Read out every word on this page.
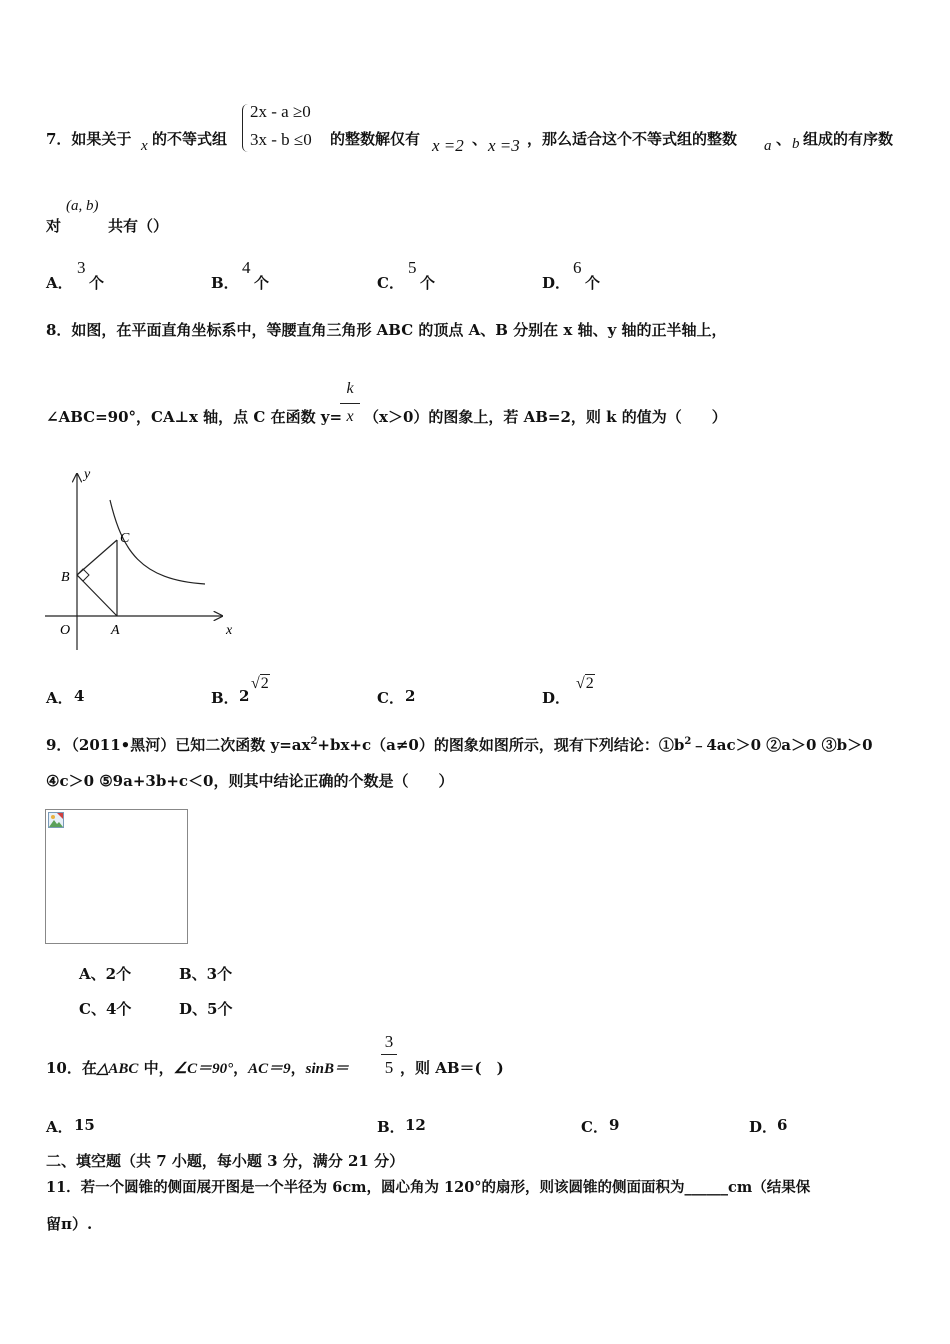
7．如果关于 x 的不等式组
2x - a ≥0
3x - b ≤0 的整数解仅有 x =2 、 x =3 ，那么适合这个不等式组的整数 a 、 b 组成的有序数
对
(a, b)
共有（）
A．
3
个	B．
4
个	C．
5
个	D．
6
个
8．如图，在平面直角坐标系中，等腰直角三角形 ABC 的顶点 A、B 分别在 x 轴、y 轴的正半轴上，
∠ABC=90°，CA⊥x 轴，点 C 在函数 y=
k
x （x＞0）的图象上，若 AB=2，则 k 的值为（　　）
y
x
O	A
B
C
A． 4	B． 2
√2
C． 2	D．
√2
9．（2011•黑河）已知二次函数 $y=ax^2+bx+c(a\ne 0)$的图象如图所示，现有下列结论：$①b^2﹣4ac>0$ ②a＞0 ③b＞0
④c＞0 ⑤9a+3b+c＜0，则其中结论正确的个数是（　　）
A、2个	B、3个
C、4个	D、5个
10．在△ABC 中，∠C＝90°，AC＝9，sinB＝
3
5 ，则 AB＝(　)
A． 15	B． 12	C． 9	D． 6
二、填空题（共 7 小题，每小题 3 分，满分 21 分）
11．若一个圆锥的侧面展开图是一个半径为 6cm，圆心角为 120°的扇形，则该圆锥的侧面面积为______cm（结果保
留π）.
